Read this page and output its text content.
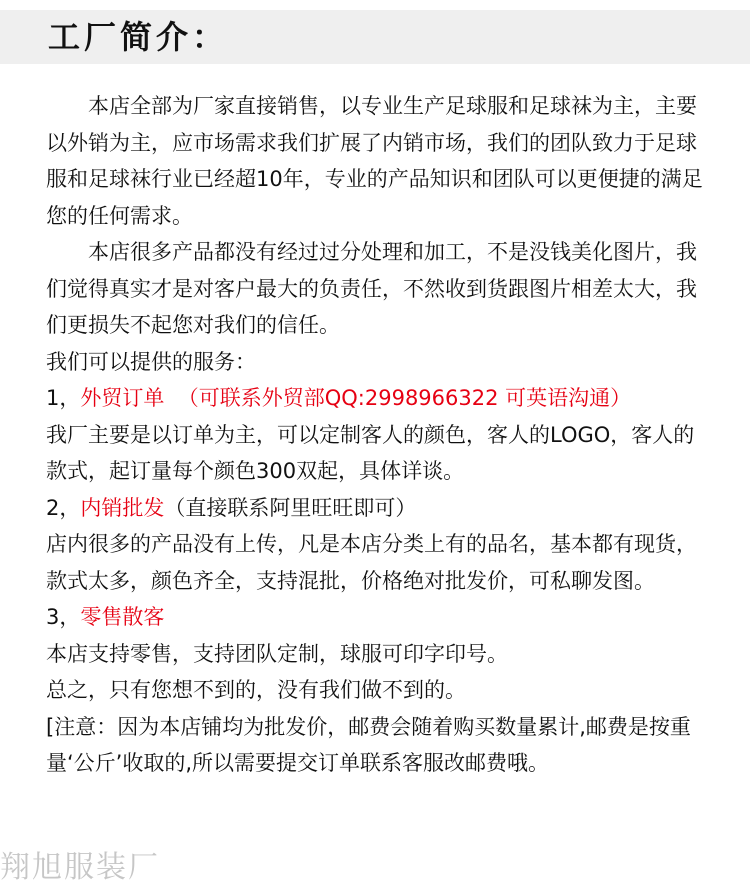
工厂简介：

本店全部为厂家直接销售，以专业生产足球服和足球袜为主，主要以外销为主，应市场需求我们扩展了内销市场，我们的团队致力于足球服和足球袜行业已经超10年，专业的产品知识和团队可以更便捷的满足您的任何需求。

本店很多产品都没有经过过分处理和加工，不是没钱美化图片，我们觉得真实才是对客户最大的负责任，不然收到货跟图片相差太大，我们更损失不起您对我们的信任。

我们可以提供的服务：

1，外贸订单 （可联系外贸部QQ:2998966322 可英语沟通）

我厂主要是以订单为主，可以定制客人的颜色，客人的LOGO，客人的款式，起订量每个颜色300双起，具体详谈。

2，内销批发（直接联系阿里旺旺即可）

店内很多的产品没有上传，凡是本店分类上有的品名，基本都有现货，款式太多，颜色齐全，支持混批，价格绝对批发价，可私聊发图。

3，零售散客

本店支持零售，支持团队定制，球服可印字印号。

总之，只有您想不到的，没有我们做不到的。

[注意：因为本店铺均为批发价，邮费会随着购买数量累计,邮费是按重量‘公斤’收取的,所以需要提交订单联系客服改邮费哦。

翔旭服装厂
